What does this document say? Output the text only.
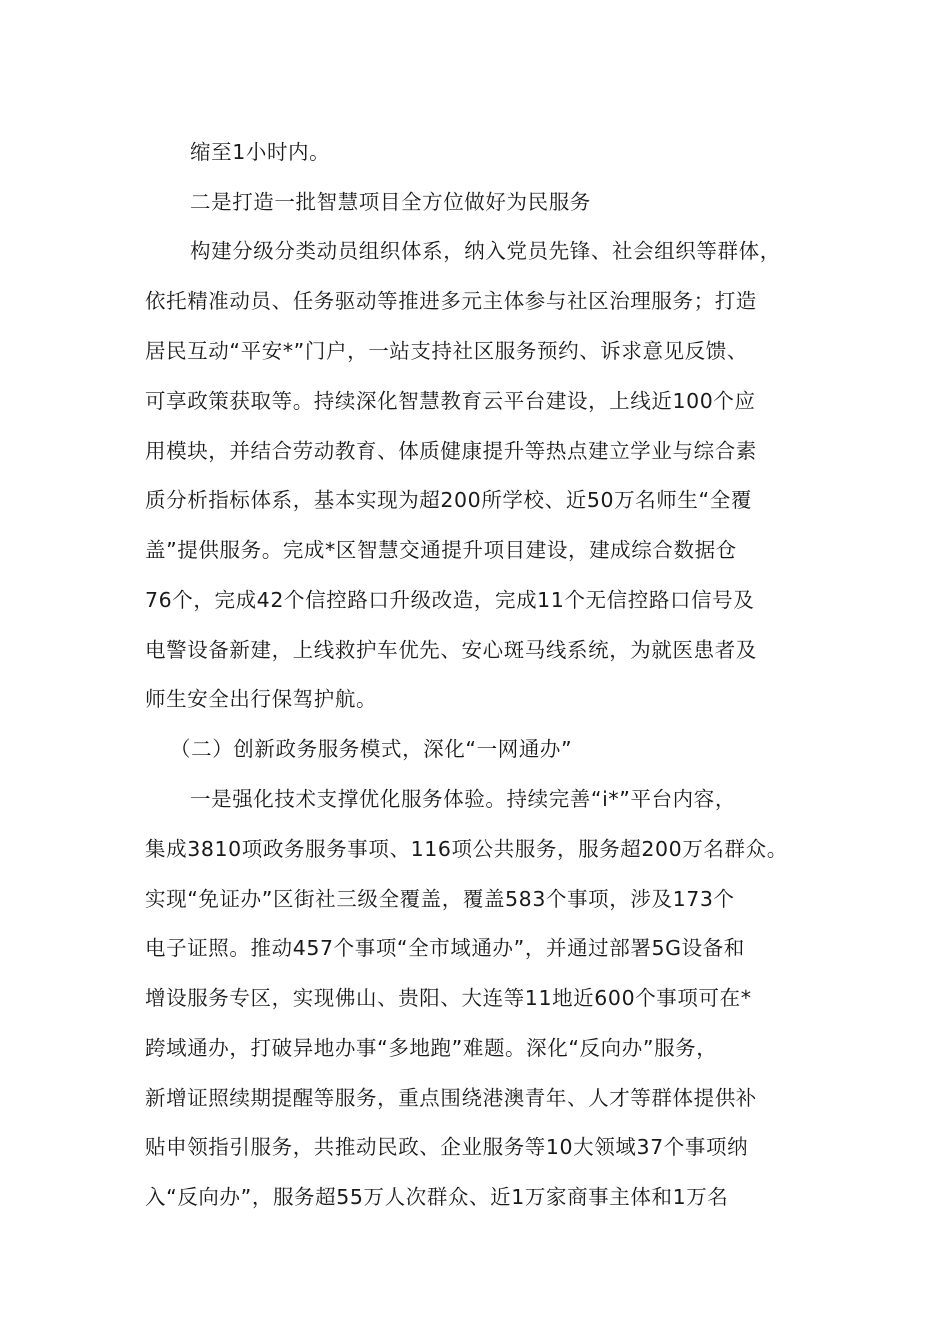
缩至1小时内。
二是打造一批智慧项目全方位做好为民服务
构建分级分类动员组织体系，纳入党员先锋、社会组织等群体，
依托精准动员、任务驱动等推进多元主体参与社区治理服务；打造
居民互动“平安*”门户，一站支持社区服务预约、诉求意见反馈、
可享政策获取等。持续深化智慧教育云平台建设，上线近100个应
用模块，并结合劳动教育、体质健康提升等热点建立学业与综合素
质分析指标体系，基本实现为超200所学校、近50万名师生“全覆
盖”提供服务。完成*区智慧交通提升项目建设，建成综合数据仓
76个，完成42个信控路口升级改造，完成11个无信控路口信号及
电警设备新建，上线救护车优先、安心斑马线系统，为就医患者及
师生安全出行保驾护航。
（二）创新政务服务模式，深化“一网通办”
一是强化技术支撑优化服务体验。持续完善“i*”平台内容，
集成3810项政务服务事项、116项公共服务，服务超200万名群众。
实现“免证办”区街社三级全覆盖，覆盖583个事项，涉及173个
电子证照。推动457个事项“全市域通办”，并通过部署5G设备和
增设服务专区，实现佛山、贵阳、大连等11地近600个事项可在*
跨域通办，打破异地办事“多地跑”难题。深化“反向办”服务，
新增证照续期提醒等服务，重点围绕港澳青年、人才等群体提供补
贴申领指引服务，共推动民政、企业服务等10大领域37个事项纳
入“反向办”，服务超55万人次群众、近1万家商事主体和1万名
